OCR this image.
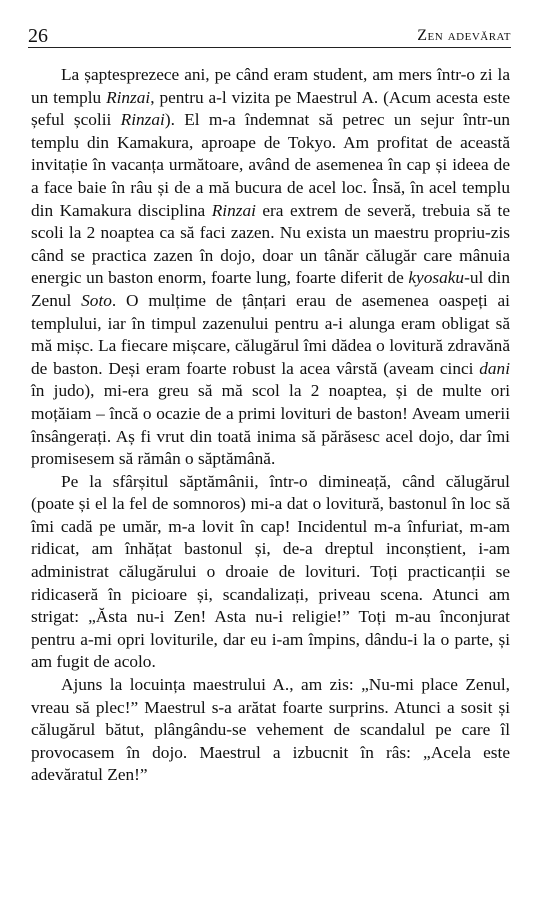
26	Zen adevărat

La șaptesprezece ani, pe când eram student, am mers într-o zi la un templu Rinzai, pentru a-l vizita pe Maestrul A. (Acum acesta este șeful școlii Rinzai). El m-a îndemnat să petrec un sejur într-un templu din Kamakura, aproape de Tokyo. Am profitat de această invitație în vacanța următoare, având de asemenea în cap și ideea de a face baie în râu și de a mă bucura de acel loc. Însă, în acel templu din Kamakura disciplina Rinzai era extrem de severă, trebuia să te scoli la 2 noaptea ca să faci zazen. Nu exista un maestru propriu-zis când se practica zazen în dojo, doar un tânăr călugăr care mânuia energic un baston enorm, foarte lung, foarte diferit de kyosaku-ul din Zenul Soto. O mulțime de țânțari erau de asemenea oaspeți ai templului, iar în timpul zazenului pentru a-i alunga eram obligat să mă mișc. La fiecare mișcare, călugărul îmi dădea o lovitură zdravănă de baston. Deși eram foarte robust la acea vârstă (aveam cinci dani în judo), mi-era greu să mă scol la 2 noaptea, și de multe ori moțăiam – încă o ocazie de a primi lovituri de baston! Aveam umerii însângerați. Aș fi vrut din toată inima să părăsesc acel dojo, dar îmi promisesem să rămân o săptămână.

Pe la sfârșitul săptămânii, într-o dimineață, când călugărul (poate și el la fel de somnoros) mi-a dat o lovitură, bastonul în loc să îmi cadă pe umăr, m-a lovit în cap! Incidentul m-a înfuriat, m-am ridicat, am înhățat bastonul și, de-a dreptul inconștient, i-am administrat călugărului o droaie de lovituri. Toți practicanții se ridicaseră în picioare și, scandalizați, priveau scena. Atunci am strigat: „Ăsta nu-i Zen! Asta nu-i religie!” Toți m-au înconjurat pentru a-mi opri loviturile, dar eu i-am împins, dându-i la o parte, și am fugit de acolo.

Ajuns la locuința maestrului A., am zis: „Nu-mi place Zenul, vreau să plec!” Maestrul s-a arătat foarte surprins. Atunci a sosit și călugărul bătut, plângându-se vehement de scandalul pe care îl provocasem în dojo. Maestrul a izbucnit în râs: „Acela este adevăratul Zen!”
